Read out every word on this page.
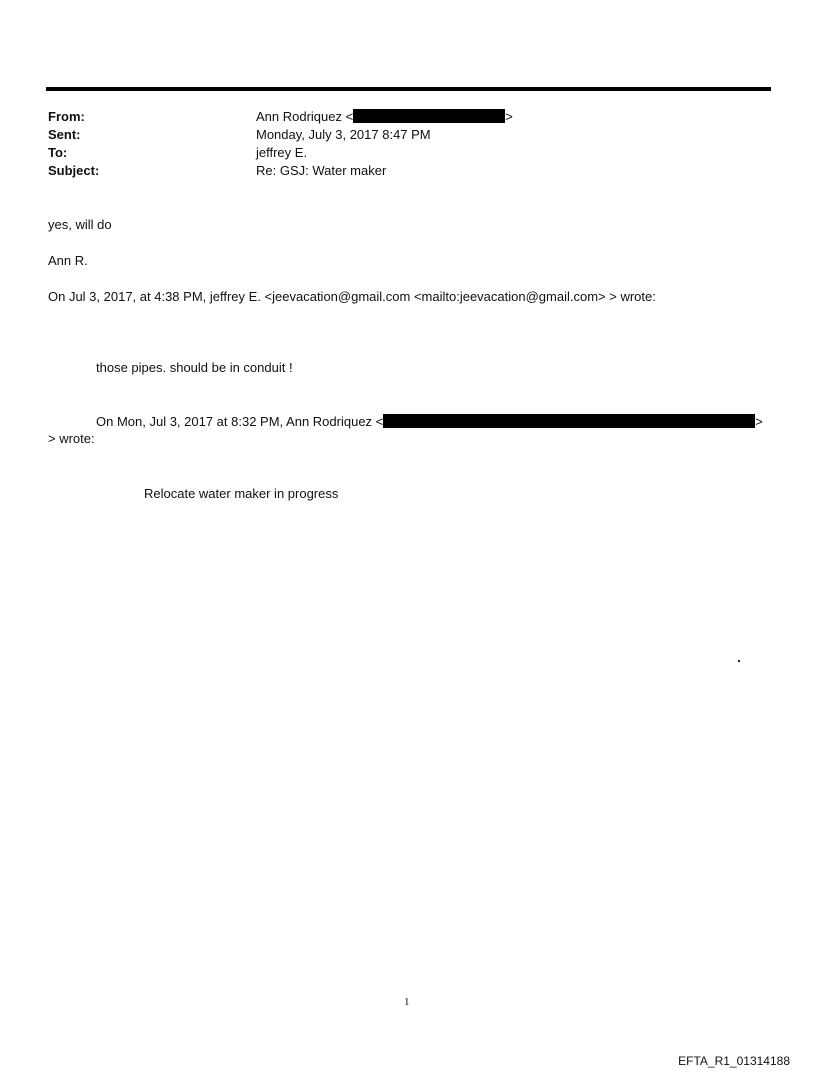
From:	Ann Rodriquez <	>
Sent:	Monday, July 3, 2017 8:47 PM
To:	jeffrey E.
Subject:	Re: GSJ: Water maker
yes, will do
Ann R.
On Jul 3, 2017, at 4:38 PM, jeffrey E. <jeevacation@gmail.com <mailto:jeevacation@gmail.com> > wrote:
those pipes. should be in conduit !
On Mon, Jul 3, 2017 at 8:32 PM, Ann Rodriquez <	>
> wrote:
Relocate water maker in progress
1
EFTA_R1_01314188
